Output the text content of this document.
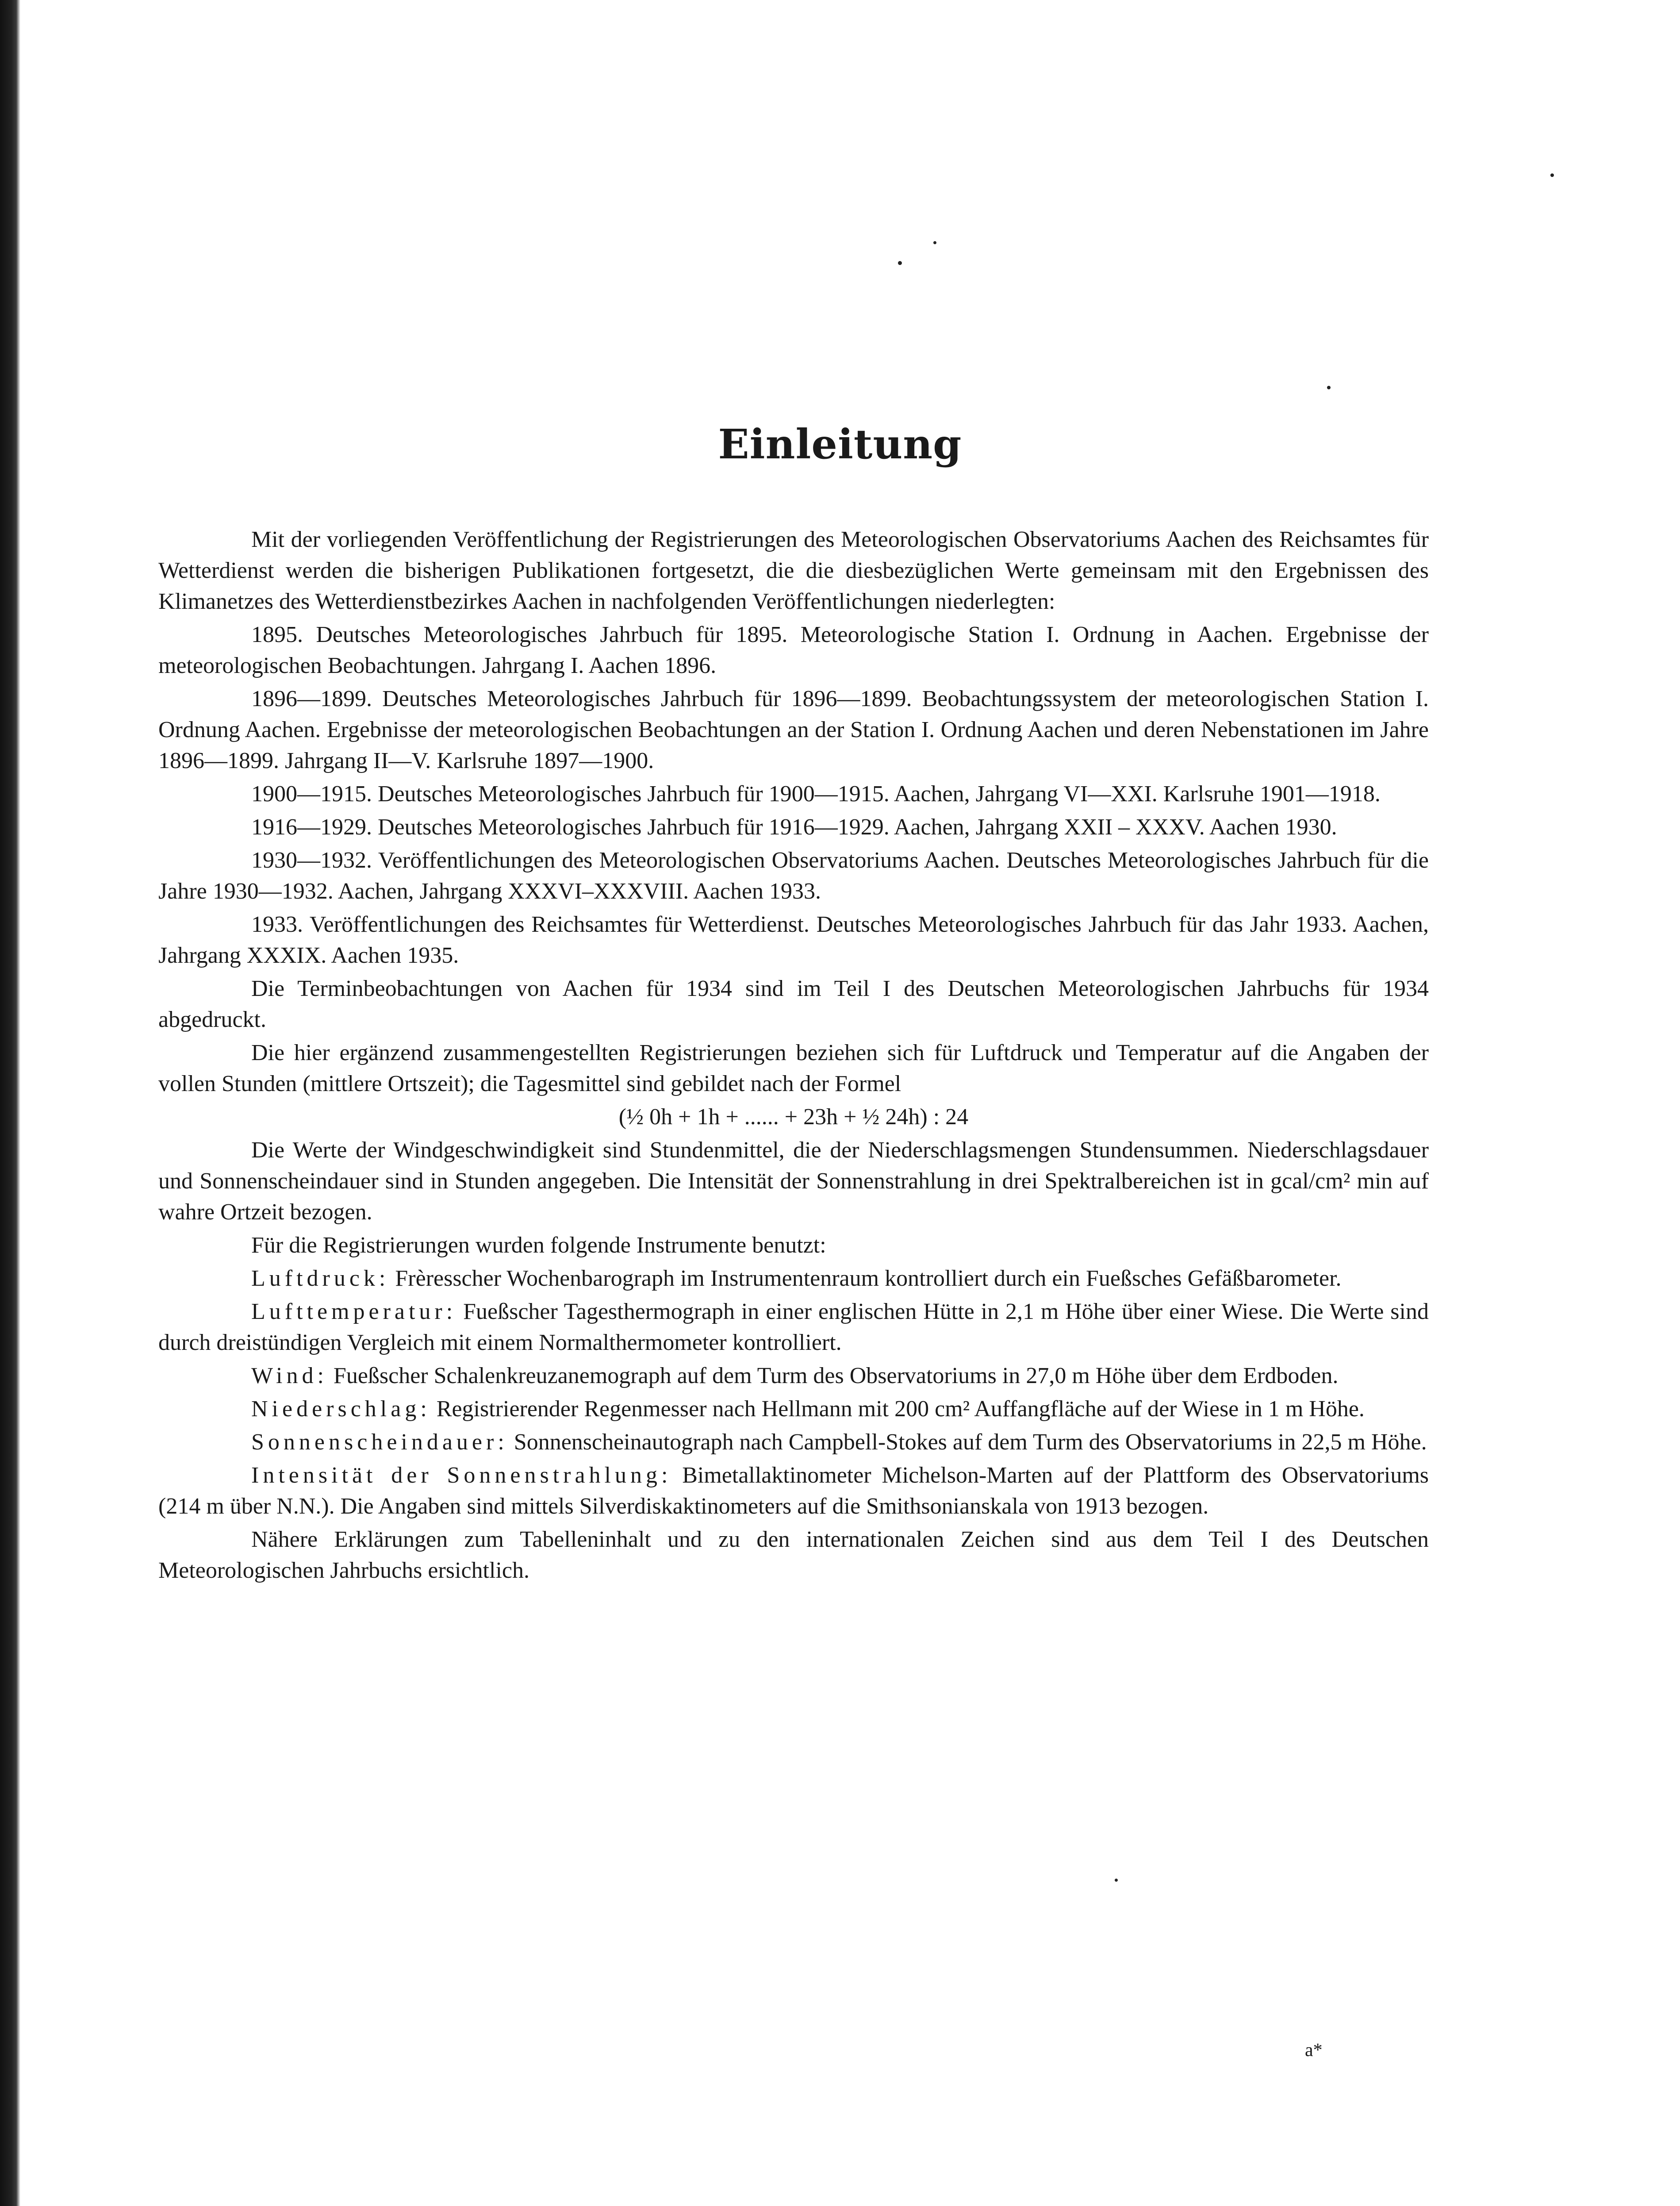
Einleitung

Mit der vorliegenden Veröffentlichung der Registrierungen des Meteorologischen Observatoriums Aachen des Reichsamtes für Wetterdienst werden die bisherigen Publikationen fortgesetzt, die die diesbezüglichen Werte gemeinsam mit den Ergebnissen des Klimanetzes des Wetterdienstbezirkes Aachen in nachfolgenden Veröffentlichungen niederlegten:

1895. Deutsches Meteorologisches Jahrbuch für 1895. Meteorologische Station I. Ordnung in Aachen. Ergebnisse der meteorologischen Beobachtungen. Jahrgang I. Aachen 1896.

1896—1899. Deutsches Meteorologisches Jahrbuch für 1896—1899. Beobachtungssystem der meteorologischen Station I. Ordnung Aachen. Ergebnisse der meteorologischen Beobachtungen an der Station I. Ordnung Aachen und deren Nebenstationen im Jahre 1896—1899. Jahrgang II—V. Karlsruhe 1897—1900.

1900—1915. Deutsches Meteorologisches Jahrbuch für 1900—1915. Aachen, Jahrgang VI—XXI. Karlsruhe 1901—1918.

1916—1929. Deutsches Meteorologisches Jahrbuch für 1916—1929. Aachen, Jahrgang XXII – XXXV. Aachen 1930.

1930—1932. Veröffentlichungen des Meteorologischen Observatoriums Aachen. Deutsches Meteorologisches Jahrbuch für die Jahre 1930—1932. Aachen, Jahrgang XXXVI–XXXVIII. Aachen 1933.

1933. Veröffentlichungen des Reichsamtes für Wetterdienst. Deutsches Meteorologisches Jahrbuch für das Jahr 1933. Aachen, Jahrgang XXXIX. Aachen 1935.

Die Terminbeobachtungen von Aachen für 1934 sind im Teil I des Deutschen Meteorologischen Jahrbuchs für 1934 abgedruckt.

Die hier ergänzend zusammengestellten Registrierungen beziehen sich für Luftdruck und Temperatur auf die Angaben der vollen Stunden (mittlere Ortszeit); die Tagesmittel sind gebildet nach der Formel

(½ 0h + 1h + ...... + 23h + ½ 24h) : 24

Die Werte der Windgeschwindigkeit sind Stundenmittel, die der Niederschlagsmengen Stundensummen. Niederschlagsdauer und Sonnenscheindauer sind in Stunden angegeben. Die Intensität der Sonnenstrahlung in drei Spektralbereichen ist in gcal/cm² min auf wahre Ortzeit bezogen.

Für die Registrierungen wurden folgende Instrumente benutzt:

Luftdruck: Frèresscher Wochenbarograph im Instrumentenraum kontrolliert durch ein Fueßsches Gefäßbarometer.

Lufttemperatur: Fueßscher Tagesthermograph in einer englischen Hütte in 2,1 m Höhe über einer Wiese. Die Werte sind durch dreistündigen Vergleich mit einem Normalthermometer kontrolliert.

Wind: Fueßscher Schalenkreuzanemograph auf dem Turm des Observatoriums in 27,0 m Höhe über dem Erdboden.

Niederschlag: Registrierender Regenmesser nach Hellmann mit 200 cm² Auffangfläche auf der Wiese in 1 m Höhe.

Sonnenscheindauer: Sonnenscheinautograph nach Campbell-Stokes auf dem Turm des Observatoriums in 22,5 m Höhe.

Intensität der Sonnenstrahlung: Bimetallaktinometer Michelson-Marten auf der Plattform des Observatoriums (214 m über N.N.). Die Angaben sind mittels Silverdiskaktinometers auf die Smithsonianskala von 1913 bezogen.

Nähere Erklärungen zum Tabelleninhalt und zu den internationalen Zeichen sind aus dem Teil I des Deutschen Meteorologischen Jahrbuchs ersichtlich.

a*
